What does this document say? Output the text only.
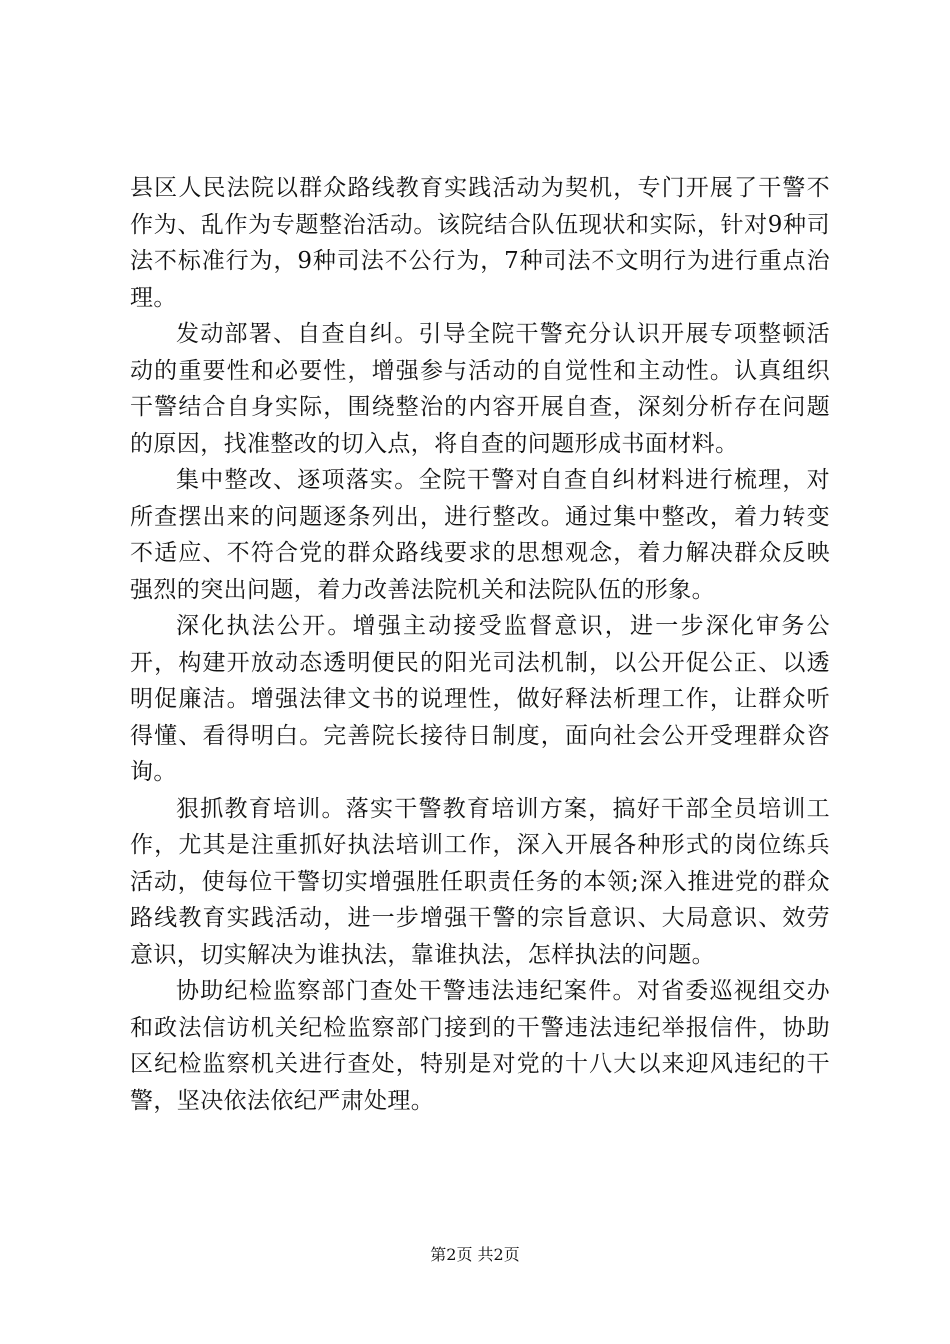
县区人民法院以群众路线教育实践活动为契机，专门开展了干警不作为、乱作为专题整治活动。该院结合队伍现状和实际，针对9种司法不标准行为，9种司法不公行为，7种司法不文明行为进行重点治理。

发动部署、自查自纠。引导全院干警充分认识开展专项整顿活动的重要性和必要性，增强参与活动的自觉性和主动性。认真组织干警结合自身实际，围绕整治的内容开展自查，深刻分析存在问题的原因，找准整改的切入点，将自查的问题形成书面材料。

集中整改、逐项落实。全院干警对自查自纠材料进行梳理，对所查摆出来的问题逐条列出，进行整改。通过集中整改，着力转变不适应、不符合党的群众路线要求的思想观念，着力解决群众反映强烈的突出问题，着力改善法院机关和法院队伍的形象。

深化执法公开。增强主动接受监督意识，进一步深化审务公开，构建开放动态透明便民的阳光司法机制，以公开促公正、以透明促廉洁。增强法律文书的说理性，做好释法析理工作，让群众听得懂、看得明白。完善院长接待日制度，面向社会公开受理群众咨询。

狠抓教育培训。落实干警教育培训方案，搞好干部全员培训工作，尤其是注重抓好执法培训工作，深入开展各种形式的岗位练兵活动，使每位干警切实增强胜任职责任务的本领;深入推进党的群众路线教育实践活动，进一步增强干警的宗旨意识、大局意识、效劳意识，切实解决为谁执法，靠谁执法，怎样执法的问题。

协助纪检监察部门查处干警违法违纪案件。对省委巡视组交办和政法信访机关纪检监察部门接到的干警违法违纪举报信件，协助区纪检监察机关进行查处，特别是对党的十八大以来迎风违纪的干警，坚决依法依纪严肃处理。

第2页 共2页
